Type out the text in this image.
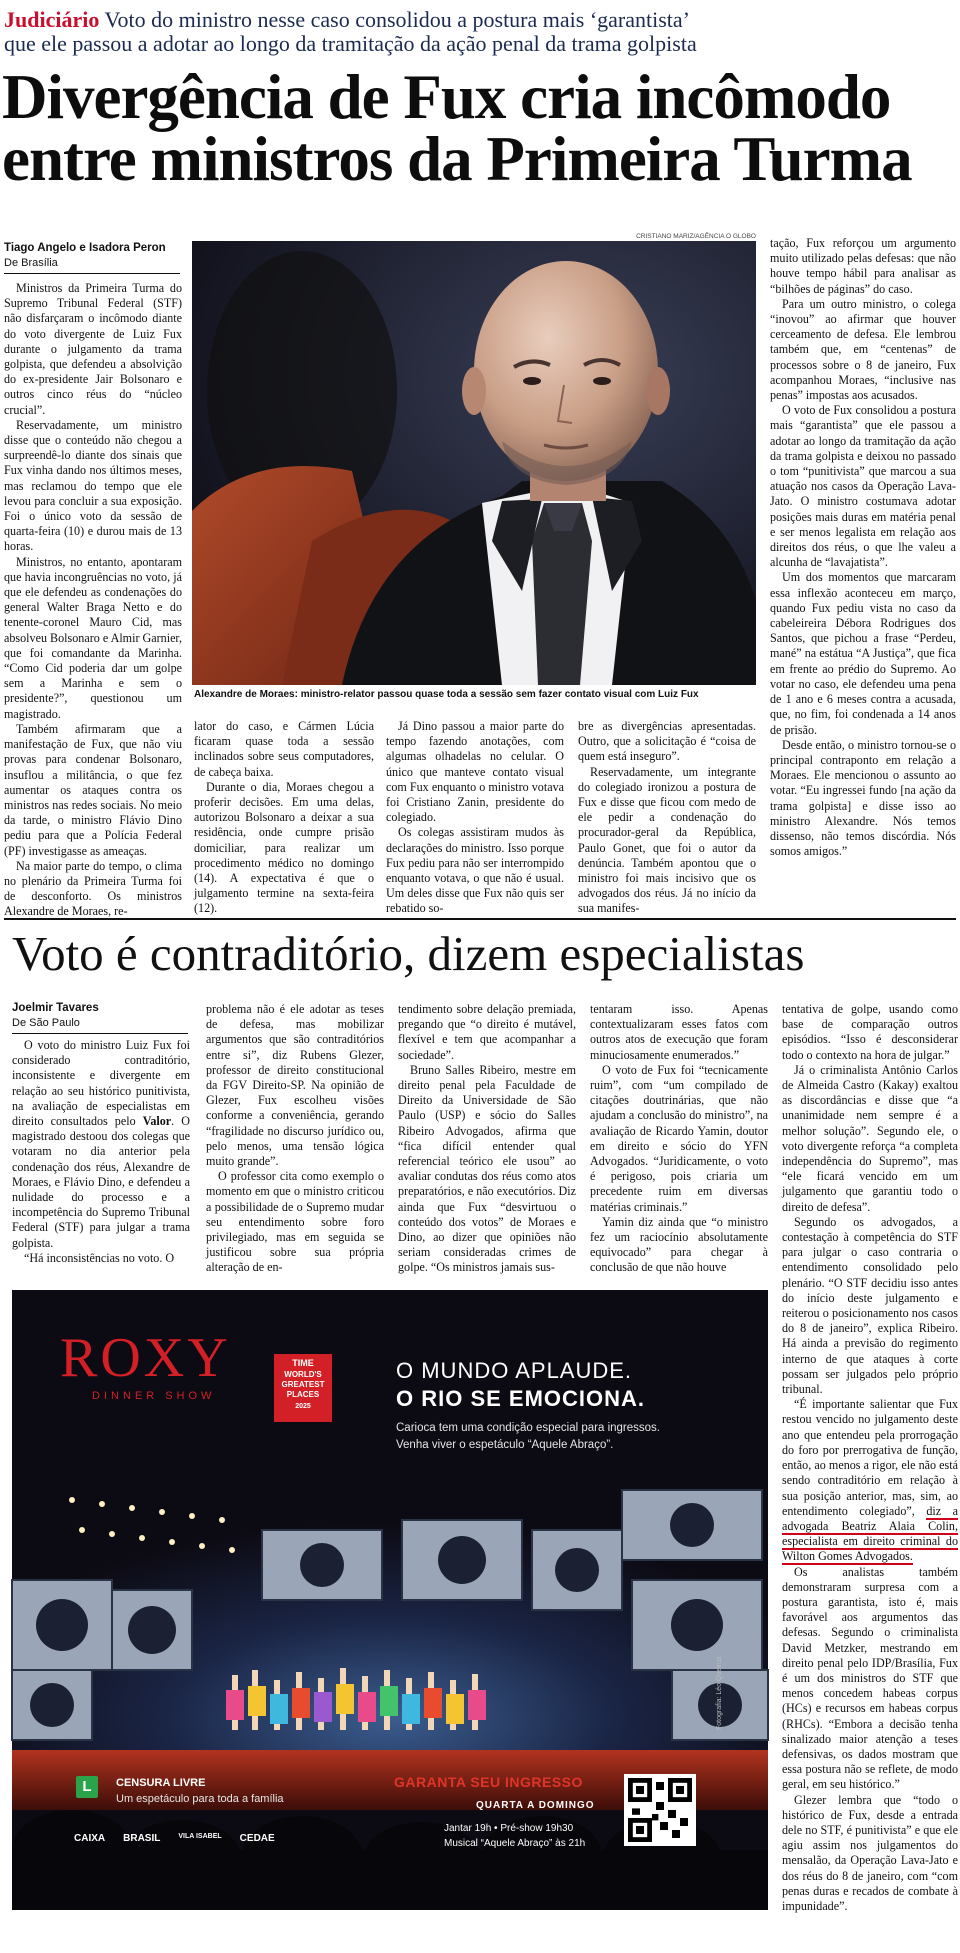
Judiciário Voto do ministro nesse caso consolidou a postura mais ‘garantista’
que ele passou a adotar ao longo da tramitação da ação penal da trama golpista
Divergência de Fux cria incômodo
entre ministros da Primeira Turma
Tiago Angelo e Isadora Peron
De Brasília

Ministros da Primeira Turma do Supremo Tribunal Federal (STF) não disfarçaram o incômodo diante do voto divergente de Luiz Fux durante o julgamento da trama golpista, que defendeu a absolvição do ex-presidente Jair Bolsonaro e outros cinco réus do “núcleo crucial”.

Reservadamente, um ministro disse que o conteúdo não chegou a surpreendê-lo diante dos sinais que Fux vinha dando nos últimos meses, mas reclamou do tempo que ele levou para concluir a sua exposição. Foi o único voto da sessão de quarta-feira (10) e durou mais de 13 horas.

Ministros, no entanto, apontaram que havia incongruências no voto, já que ele defendeu as condenações do general Walter Braga Netto e do tenente-coronel Mauro Cid, mas absolveu Bolsonaro e Almir Garnier, que foi comandante da Marinha. “Como Cid poderia dar um golpe sem a Marinha e sem o presidente?”, questionou um magistrado.

Também afirmaram que a manifestação de Fux, que não viu provas para condenar Bolsonaro, insuflou a militância, o que fez aumentar os ataques contra os ministros nas redes sociais. No meio da tarde, o ministro Flávio Dino pediu para que a Polícia Federal (PF) investigasse as ameaças.

Na maior parte do tempo, o clima no plenário da Primeira Turma foi de desconforto. Os ministros Alexandre de Moraes, re-

CRISTIANO MARIZ/AGÊNCIA O GLOBO
Alexandre de Moraes: ministro-relator passou quase toda a sessão sem fazer contato visual com Luiz Fux

lator do caso, e Cármen Lúcia ficaram quase toda a sessão inclinados sobre seus computadores, de cabeça baixa.

Durante o dia, Moraes chegou a proferir decisões. Em uma delas, autorizou Bolsonaro a deixar a sua residência, onde cumpre prisão domiciliar, para realizar um procedimento médico no domingo (14). A expectativa é que o julgamento termine na sexta-feira (12).

Já Dino passou a maior parte do tempo fazendo anotações, com algumas olhadelas no celular. O único que manteve contato visual com Fux enquanto o ministro votava foi Cristiano Zanin, presidente do colegiado.

Os colegas assistiram mudos às declarações do ministro. Isso porque Fux pediu para não ser interrompido enquanto votava, o que não é usual. Um deles disse que Fux não quis ser rebatido so-

bre as divergências apresentadas. Outro, que a solicitação é “coisa de quem está inseguro”.

Reservadamente, um integrante do colegiado ironizou a postura de Fux e disse que ficou com medo de ele pedir a condenação do procurador-geral da República, Paulo Gonet, que foi o autor da denúncia. Também apontou que o ministro foi mais incisivo que os advogados dos réus. Já no início da sua manifes-

tação, Fux reforçou um argumento muito utilizado pelas defesas: que não houve tempo hábil para analisar as “bilhões de páginas” do caso.

Para um outro ministro, o colega “inovou” ao afirmar que houver cerceamento de defesa. Ele lembrou também que, em “centenas” de processos sobre o 8 de janeiro, Fux acompanhou Moraes, “inclusive nas penas” impostas aos acusados.

O voto de Fux consolidou a postura mais “garantista” que ele passou a adotar ao longo da tramitação da ação da trama golpista e deixou no passado o tom “punitivista” que marcou a sua atuação nos casos da Operação Lava-Jato. O ministro costumava adotar posições mais duras em matéria penal e ser menos legalista em relação aos direitos dos réus, o que lhe valeu a alcunha de “lavajatista”.

Um dos momentos que marcaram essa inflexão aconteceu em março, quando Fux pediu vista no caso da cabeleireira Débora Rodrigues dos Santos, que pichou a frase “Perdeu, mané” na estátua “A Justiça”, que fica em frente ao prédio do Supremo. Ao votar no caso, ele defendeu uma pena de 1 ano e 6 meses contra a acusada, que, no fim, foi condenada a 14 anos de prisão.

Desde então, o ministro tornou-se o principal contraponto em relação a Moraes. Ele mencionou o assunto ao votar. “Eu ingressei fundo [na ação da trama golpista] e disse isso ao ministro Alexandre. Nós temos dissenso, não temos discórdia. Nós somos amigos.”

Voto é contraditório, dizem especialistas
Joelmir Tavares
De São Paulo

O voto do ministro Luiz Fux foi considerado contraditório, inconsistente e divergente em relação ao seu histórico punitivista, na avaliação de especialistas em direito consultados pelo Valor. O magistrado destoou dos colegas que votaram no dia anterior pela condenação dos réus, Alexandre de Moraes, e Flávio Dino, e defendeu a nulidade do processo e a incompetência do Supremo Tribunal Federal (STF) para julgar a trama golpista.

“Há inconsistências no voto. O

problema não é ele adotar as teses de defesa, mas mobilizar argumentos que são contraditórios entre si”, diz Rubens Glezer, professor de direito constitucional da FGV Direito-SP. Na opinião de Glezer, Fux escolheu visões conforme a conveniência, gerando “fragilidade no discurso jurídico ou, pelo menos, uma tensão lógica muito grande”.

O professor cita como exemplo o momento em que o ministro criticou a possibilidade de o Supremo mudar seu entendimento sobre foro privilegiado, mas em seguida se justificou sobre sua própria alteração de en-

tendimento sobre delação premiada, pregando que “o direito é mutável, flexível e tem que acompanhar a sociedade”.

Bruno Salles Ribeiro, mestre em direito penal pela Faculdade de Direito da Universidade de São Paulo (USP) e sócio do Salles Ribeiro Advogados, afirma que “fica difícil entender qual referencial teórico ele usou” ao avaliar condutas dos réus como atos preparatórios, e não executórios. Diz ainda que Fux “desvirtuou o conteúdo dos votos” de Moraes e Dino, ao dizer que opiniões não seriam consideradas crimes de golpe. “Os ministros jamais sus-

tentaram isso. Apenas contextualizaram esses fatos com outros atos de execução que foram minuciosamente enumerados.”

O voto de Fux foi “tecnicamente ruim”, com “um compilado de citações doutrinárias, que não ajudam a conclusão do ministro”, na avaliação de Ricardo Yamin, doutor em direito e sócio do YFN Advogados. “Juridicamente, o voto é perigoso, pois criaria um precedente ruim em diversas matérias criminais.”

Yamin diz ainda que “o ministro fez um raciocínio absolutamente equivocado” para chegar à conclusão de que não houve

tentativa de golpe, usando como base de comparação outros episódios. “Isso é desconsiderar todo o contexto na hora de julgar.”

Já o criminalista Antônio Carlos de Almeida Castro (Kakay) exaltou as discordâncias e disse que “a unanimidade nem sempre é a melhor solução”. Segundo ele, o voto divergente reforça “a completa independência do Supremo”, mas “ele ficará vencido em um julgamento que garantiu todo o direito de defesa”.

Segundo os advogados, a contestação à competência do STF para julgar o caso contraria o entendimento consolidado pelo plenário. “O STF decidiu isso antes do início deste julgamento e reiterou o posicionamento nos casos do 8 de janeiro”, explica Ribeiro. Há ainda a previsão do regimento interno de que ataques à corte possam ser julgados pelo próprio tribunal.

“É importante salientar que Fux restou vencido no julgamento deste ano que entendeu pela prorrogação do foro por prerrogativa de função, então, ao menos a rigor, ele não está sendo contraditório em relação à sua posição anterior, mas, sim, ao entendimento colegiado”, diz a advogada Beatriz Alaia Colin, especialista em direito criminal do Wilton Gomes Advogados.

Os analistas também demonstraram surpresa com a postura garantista, isto é, mais favorável aos argumentos das defesas. Segundo o criminalista David Metzker, mestrando em direito penal pelo IDP/Brasília, Fux é um dos ministros do STF que menos concedem habeas corpus (HCs) e recursos em habeas corpus (RHCs). “Embora a decisão tenha sinalizado maior atenção a teses defensivas, os dados mostram que essa postura não se reflete, de modo geral, em seu histórico.”

Glezer lembra que “todo o histórico de Fux, desde a entrada dele no STF, é punitivista” e que ele agiu assim nos julgamentos do mensalão, da Operação Lava-Jato e dos réus do 8 de janeiro, com “com penas duras e recados de combate à impunidade”.

ROXY
DINNER SHOW
TIME
WORLD'S GREATEST PLACES
2025
O MUNDO APLAUDE.
O RIO SE EMOCIONA.
Carioca tem uma condição especial para ingressos.
Venha viver o espetáculo “Aquele Abraço”.
Fotografia: Léo Queiroz
L	CENSURA LIVRE
Um espetáculo para toda a família
CAIXA BRASIL	VILA ISABEL CEDAE
GARANTA SEU INGRESSO
QUARTA A DOMINGO
Jantar 19h • Pré-show 19h30
Musical “Aquele Abraço” às 21h
